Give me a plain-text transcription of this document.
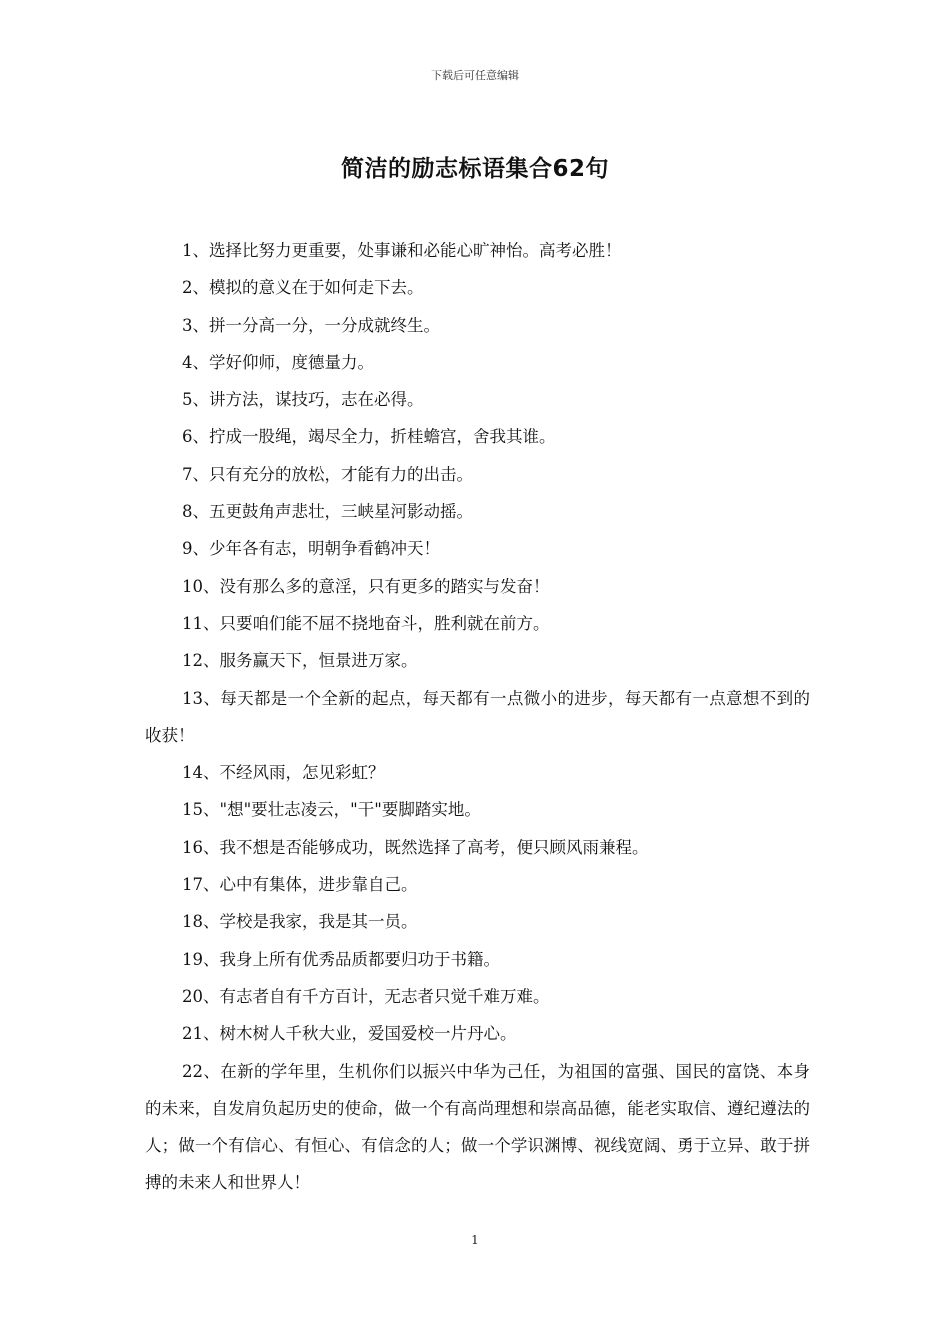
下载后可任意编辑
简洁的励志标语集合62句

1、选择比努力更重要，处事谦和必能心旷神怡。高考必胜！

2、模拟的意义在于如何走下去。

3、拼一分高一分，一分成就终生。

4、学好仰师，度德量力。

5、讲方法，谋技巧，志在必得。

6、拧成一股绳，竭尽全力，折桂蟾宫，舍我其谁。

7、只有充分的放松，才能有力的出击。

8、五更鼓角声悲壮，三峡星河影动摇。

9、少年各有志，明朝争看鹤冲天！

10、没有那么多的意淫，只有更多的踏实与发奋！

11、只要咱们能不屈不挠地奋斗，胜利就在前方。

12、服务赢天下，恒景进万家。

13、每天都是一个全新的起点，每天都有一点微小的进步，每天都有一点意想不到的收获！

14、不经风雨，怎见彩虹？

15、"想"要壮志凌云，"干"要脚踏实地。

16、我不想是否能够成功，既然选择了高考，便只顾风雨兼程。

17、心中有集体，进步靠自己。

18、学校是我家，我是其一员。

19、我身上所有优秀品质都要归功于书籍。

20、有志者自有千方百计，无志者只觉千难万难。

21、树木树人千秋大业，爱国爱校一片丹心。

22、在新的学年里，生机你们以振兴中华为己任，为祖国的富强、国民的富饶、本身的未来，自发肩负起历史的使命，做一个有高尚理想和崇高品德，能老实取信、遵纪遵法的人；做一个有信心、有恒心、有信念的人；做一个学识渊博、视线宽阔、勇于立异、敢于拼搏的未来人和世界人！

1
